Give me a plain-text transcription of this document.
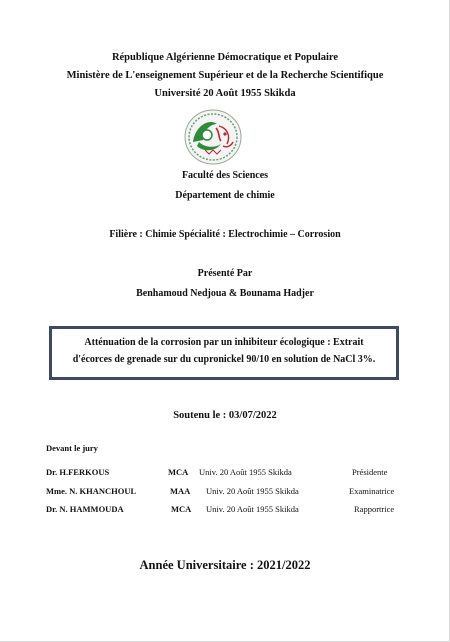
République Algérienne Démocratique et Populaire
Ministère de L'enseignement Supérieur et de la Recherche Scientifique
Université 20 Août 1955 Skikda
Faculté des Sciences
Département de chimie
Filière : Chimie Spécialité : Electrochimie – Corrosion
Présenté Par
Benhamoud Nedjoua & Bounama Hadjer
Atténuation de la corrosion par un inhibiteur écologique : Extrait
d'écorces de grenade sur du cupronickel 90/10 en solution de NaCl 3%.
Soutenu le : 03/07/2022
Devant le jury
Dr. H.FERKOUS	MCA Univ. 20 Août 1955 Skikda	Présidente
Mme. N. KHANCHOUL	MAA Univ. 20 Août 1955 Skikda	Examinatrice
Dr. N. HAMMOUDA	MCA Univ. 20 Août 1955 Skikda	Rapportrice
Année Universitaire : 2021/2022
